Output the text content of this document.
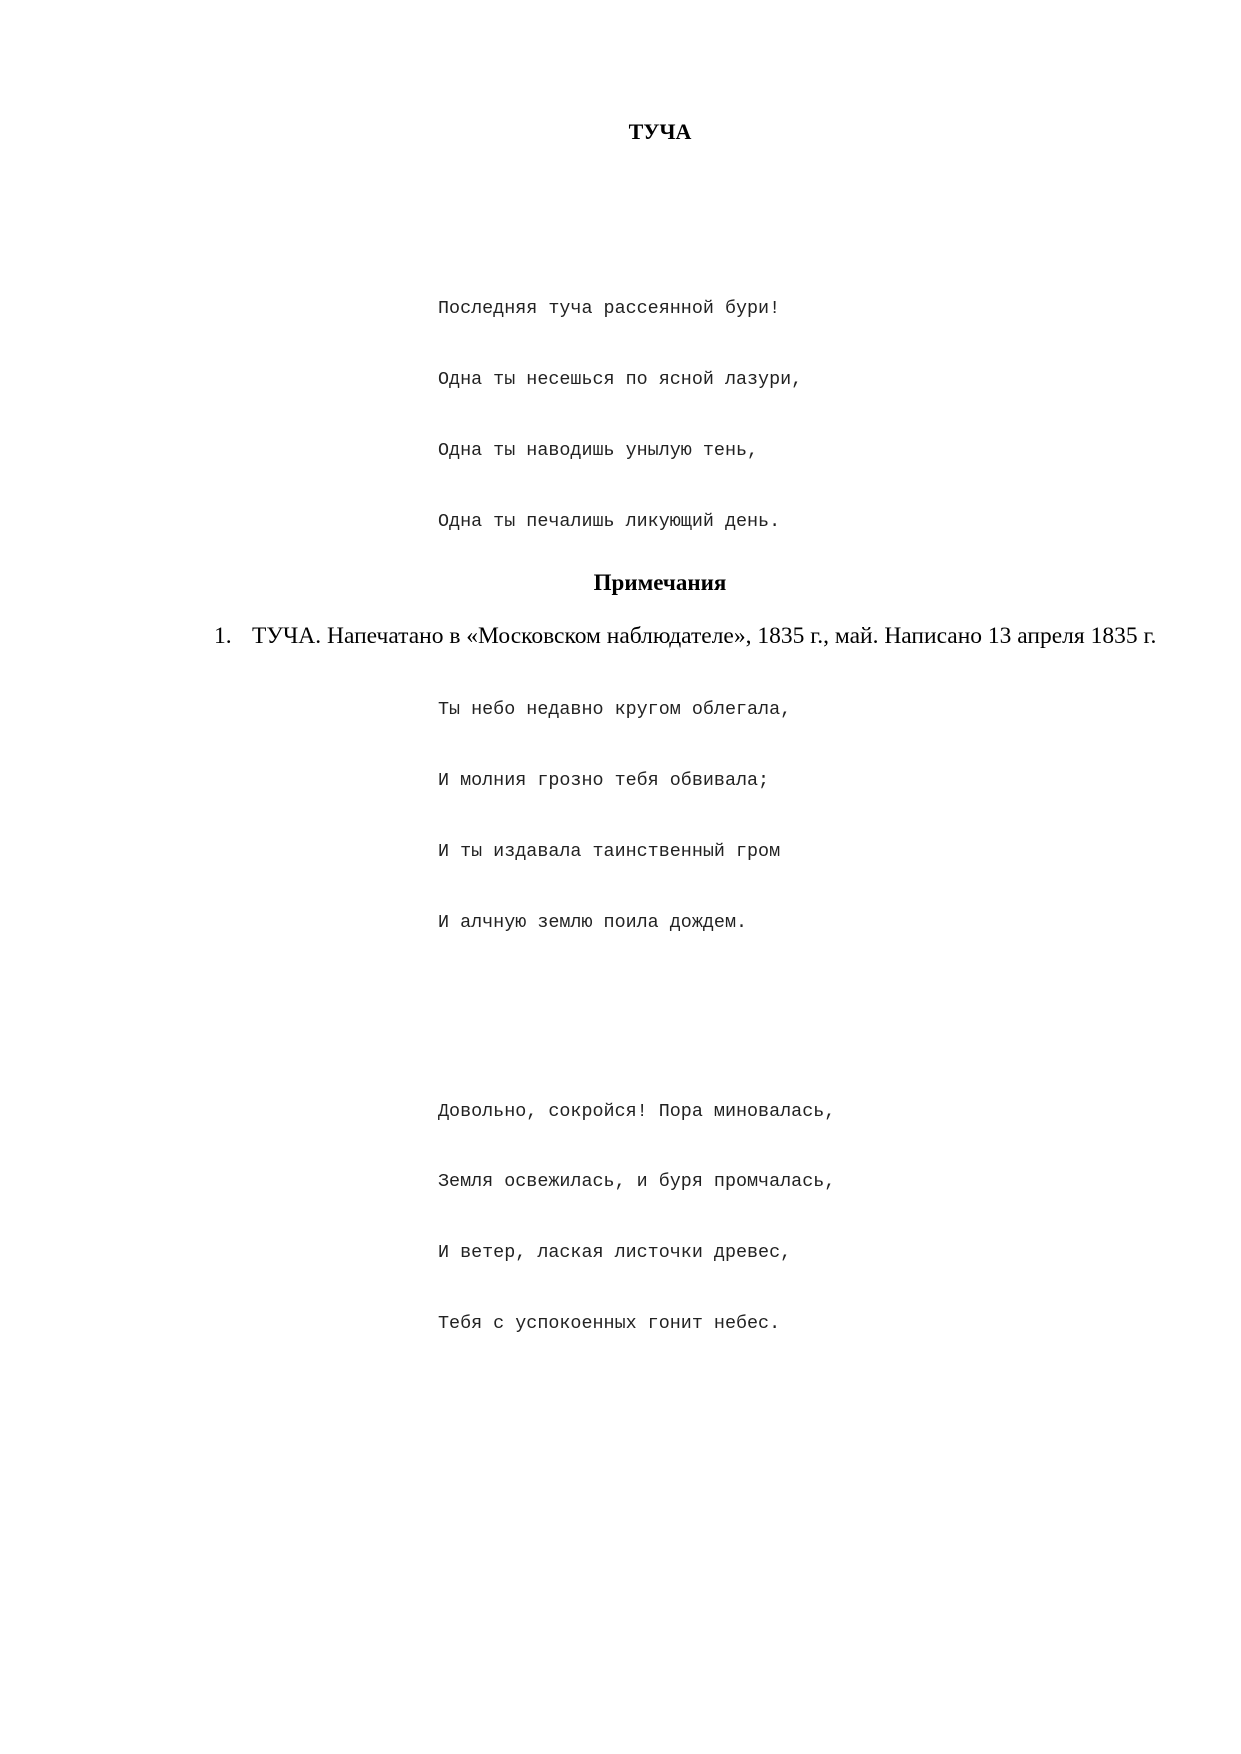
ТУЧА

Последняя туча рассеянной бури!

Одна ты несешься по ясной лазури,

Одна ты наводишь унылую тень,

Одна ты печалишь ликующий день.

Ты небо недавно кругом облегала,

И молния грозно тебя обвивала;

И ты издавала таинственный гром

И алчную землю поила дождем.

Довольно, сокройся! Пора миновалась,

Земля освежилась, и буря промчалась,

И ветер, лаская листочки древес,

Тебя с успокоенных гонит небес.

Примечания
1. ТУЧА. Напечатано в «Московском наблюдателе», 1835 г., май. Написано 13 апреля 1835 г.
